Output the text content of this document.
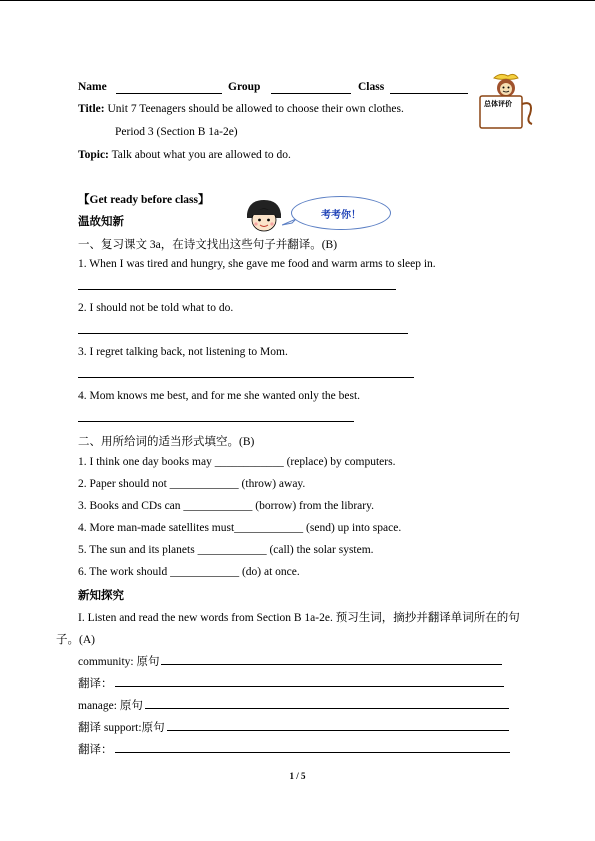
Name	Group	Class
总体评价
Title: Unit 7 Teenagers should be allowed to choose their own clothes.
Period 3 (Section B 1a-2e)
Topic: Talk about what you are allowed to do.
【Get ready before class】
温故知新
考考你！
一、复习课文 3a，在诗文找出这些句子并翻译。(B)
1. When I was tired and hungry, she gave me food and warm arms to sleep in.
2. I should not be told what to do.
3. I regret talking back, not listening to Mom.
4. Mom knows me best, and for me she wanted only the best.
二、用所给词的适当形式填空。(B)
1. I think one day books may ____________ (replace) by computers.
2. Paper should not ____________ (throw) away.
3. Books and CDs can ____________ (borrow) from the library.
4. More man-made satellites must____________ (send) up into space.
5. The sun and its planets ____________ (call) the solar system.
6. The work should ____________ (do) at once.
新知探究
I. Listen and read the new words from Section B 1a-2e. 预习生词，摘抄并翻译单词所在的句
子。(A)
community: 原句
翻译：
manage: 原句
翻译 support:原句
翻译：
1 / 5
